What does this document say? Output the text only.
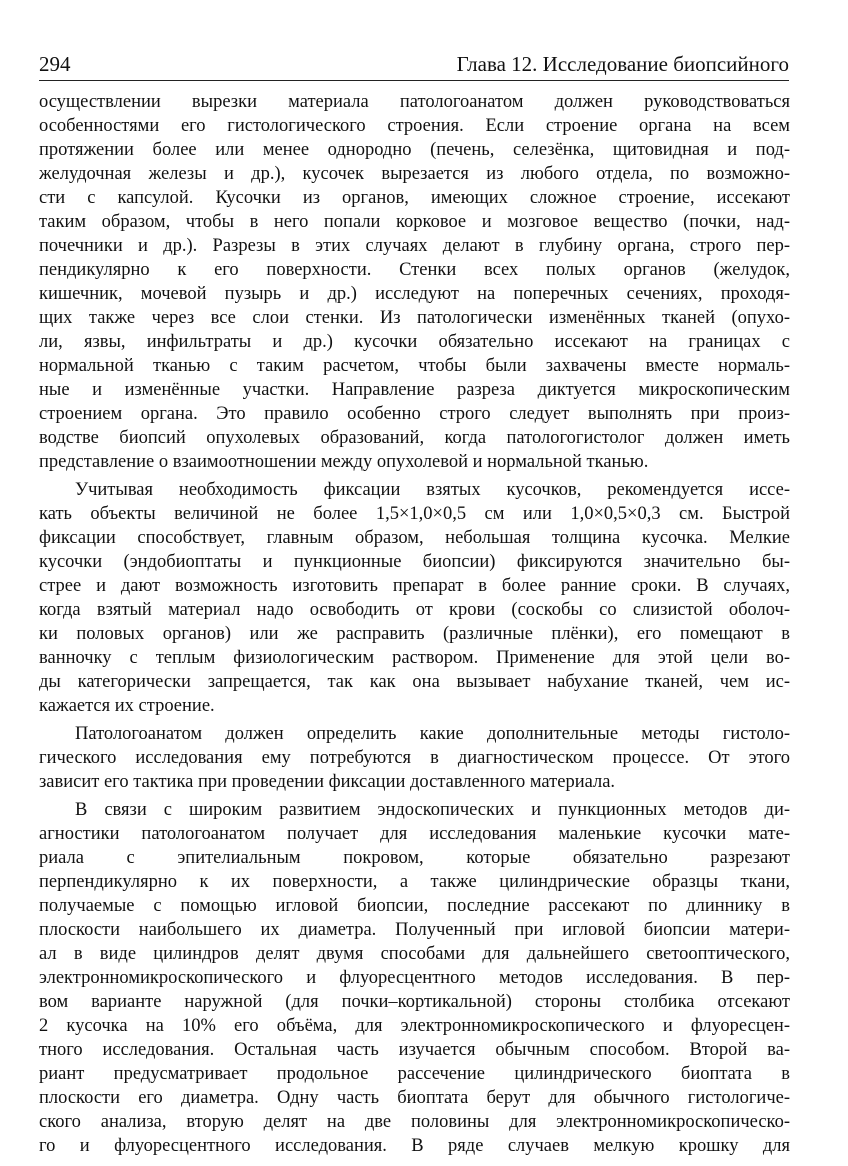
294	Глава 12. Исследование биопсийного

осуществлении вырезки материала патологоанатом должен руководствоваться
особенностями его гистологического строения. Если строение органа на всем
протяжении более или менее однородно (печень, селезёнка, щитовидная и под-
желудочная железы и др.), кусочек вырезается из любого отдела, по возможно-
сти с капсулой. Кусочки из органов, имеющих сложное строение, иссекают
таким образом, чтобы в него попали корковое и мозговое вещество (почки, над-
почечники и др.). Разрезы в этих случаях делают в глубину органа, строго пер-
пендикулярно к его поверхности. Стенки всех полых органов (желудок,
кишечник, мочевой пузырь и др.) исследуют на поперечных сечениях, проходя-
щих также через все слои стенки. Из патологически изменённых тканей (опухо-
ли, язвы, инфильтраты и др.) кусочки обязательно иссекают на границах с
нормальной тканью с таким расчетом, чтобы были захвачены вместе нормаль-
ные и изменённые участки. Направление разреза диктуется микроскопическим
строением органа. Это правило особенно строго следует выполнять при произ-
водстве биопсий опухолевых образований, когда патологогистолог должен иметь
представление о взаимоотношении между опухолевой и нормальной тканью.

Учитывая необходимость фиксации взятых кусочков, рекомендуется иссе-
кать объекты величиной не более 1,5×1,0×0,5 см или 1,0×0,5×0,3 см. Быстрой
фиксации способствует, главным образом, небольшая толщина кусочка. Мелкие
кусочки (эндобиоптаты и пункционные биопсии) фиксируются значительно бы-
стрее и дают возможность изготовить препарат в более ранние сроки. В случаях,
когда взятый материал надо освободить от крови (соскобы со слизистой оболоч-
ки половых органов) или же расправить (различные плёнки), его помещают в
ванночку с теплым физиологическим раствором. Применение для этой цели во-
ды категорически запрещается, так как она вызывает набухание тканей, чем ис-
кажается их строение.

Патологоанатом должен определить какие дополнительные методы гистоло-
гического исследования ему потребуются в диагностическом процессе. От этого
зависит его тактика при проведении фиксации доставленного материала.

В связи с широким развитием эндоскопических и пункционных методов ди-
агностики патологоанатом получает для исследования маленькие кусочки мате-
риала с эпителиальным покровом, которые обязательно разрезают
перпендикулярно к их поверхности, а также цилиндрические образцы ткани,
получаемые с помощью игловой биопсии, последние рассекают по длиннику в
плоскости наибольшего их диаметра. Полученный при игловой биопсии матери-
ал в виде цилиндров делят двумя способами для дальнейшего светооптического,
электронномикроскопического и флуоресцентного методов исследования. В пер-
вом варианте наружной (для почки–кортикальной) стороны столбика отсекают
2 кусочка на 10% его объёма, для электронномикроскопического и флуоресцен-
тного исследования. Остальная часть изучается обычным способом. Второй ва-
риант предусматривает продольное рассечение цилиндрического биоптата в
плоскости его диаметра. Одну часть биоптата берут для обычного гистологиче-
ского анализа, вторую делят на две половины для электронномикроскопическо-
го и флуоресцентного исследования. В ряде случаев мелкую крошку для
